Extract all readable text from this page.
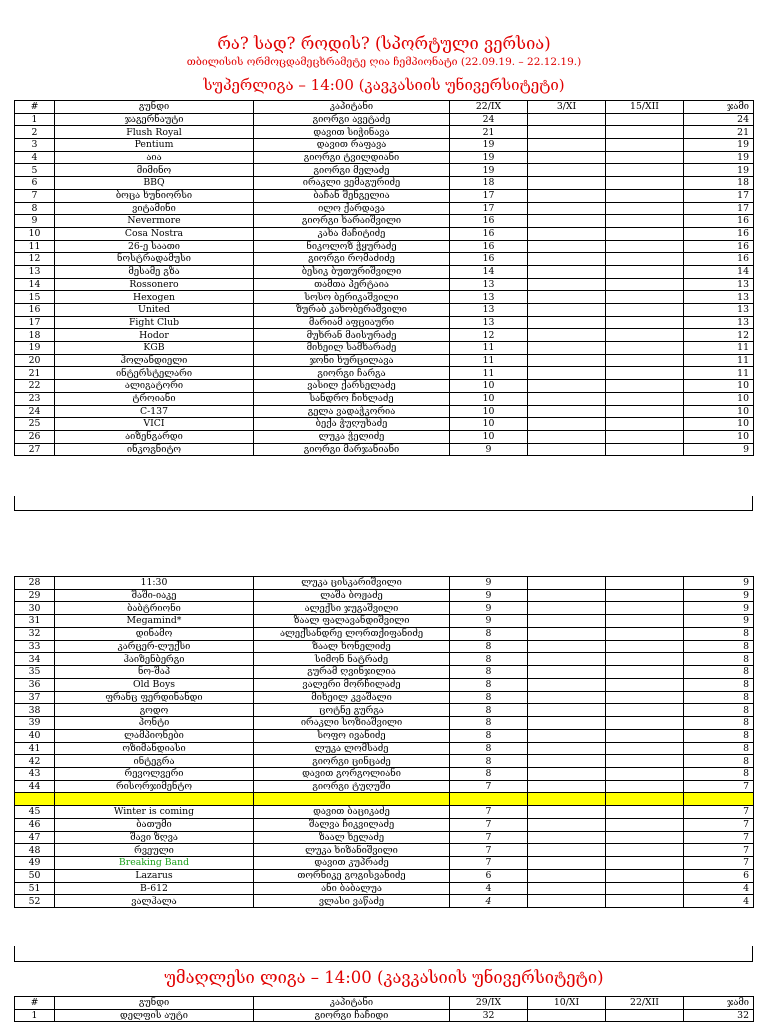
რა? სად? როდის? (სპორტული ვერსია)
თბილისის ორმოცდამეცხრამეტე ღია ჩემპიონატი (22.09.19. – 22.12.19.)
სუპერლიგა – 14:00 (კავკასიის უნივერსიტეტი)
#	გუნდი	კაპიტანი	22/IX	3/XI	15/XII	ჯამი
1	ჯაგერნაუტი	გიორგი ავეტაძე	24			24
2	Flush Royal	დავით სიჭინავა	21			21
3	Pentium	დავით რაფავა	19			19
4	აია	გიორგი ტვილდიანი	19			19
5	მიმინო	გიორგი მელაძე	19			19
6	BBQ	ირაკლი ვემაგურიძე	18			18
7	ბოცა ხუნიორსი	ბაჩან შენგელია	17			17
8	ვიტამინი	ილო ქარდავა	17			17
9	Nevermore	გიორგი ხარაიშვილი	16			16
10	Cosa Nostra	კახა მაჩიტიძე	16			16
11	26-ე საათი	ნიკოლოზ ჭყურაძე	16			16
12	ნოსტრადამუსი	გიორგი რომაძიძე	16			16
13	მესამე გზა	ბესიკ ბუთურიშვილი	14			14
14	Rossonero	თამთა პერტაია	13			13
15	Hexogen	სოსო ბერიკაშვილი	13			13
16	United	ზურაბ კახობერაშვილი	13			13
17	Fight Club	მარიამ აფციაური	13			13
18	Hodor	მუხრან მაისურაძე	12			12
19	KGB	მიხეილ სამხარაძე	11			11
20	ჰოლანდიელი	ჯონი ხურცილავა	11			11
21	ინტერსტელარი	გიორგი ჩარგა	11			11
22	ალიგატორი	ვასილ ქარსელაძე	10			10
23	ტროიანი	სანდრო ჩიხლაძე	10			10
24	C-137	გელა ვადაჭკორია	10			10
25	VICI	ბექა ჭუღუხაძე	10			10
26	აიზენგარდი	ლუკა ჭელიძე	10			10
27	ინკოგნიტო	გიორგი მარჯანიანი	9			9
28	11:30	ლუკა ცისკარიშვილი	9			9
29	შაში-იაკე	ლაშა ბოჟაძე	9			9
30	ბაბტრიონი	ალექსი ჯუგაშვილი	9			9
31	Megamind*	ზაალ ფალავანდიშვილი	9			9
32	დინამო	ალექსანდრე ლორთქიფანიძე	8			8
33	კარცერ-ლუქსი	ზაალ ხონელიძე	8			8
34	ჰაიზენბერგი	სიმონ ნატრაძე	8			8
35	ნო-შაპ	გურამ ღვინჯილია	8			8
36	Old Boys	ვალერი მორჩილაძე	8			8
37	ფრანც ფერდინანდი	მიხეილ კვაშალი	8			8
38	გოდო	ცოტნე გურგა	8			8
39	პონტი	ირაკლი სოზიაშვილი	8			8
40	ლამპიონები	სოფო ივანიძე	8			8
41	ოზიმანდიასი	ლუკა ლომსაძე	8			8
42	ინტეგრა	გიორგი ცინცაძე	8			8
43	რევოლვერი	დავით გორგოლიანი	8			8
44	რისორჯიმენტო	გიორგი ტუღუში	7			7

45	Winter is coming	დავით ბაციკაძე	7			7
46	ბათუმი	შალვა ჩიკვილაძე	7			7
47	შავი ზღვა	ზაალ ხელაძე	7			7
48	რვეული	ლუკა ხიზანიშვილი	7			7
49	Breaking Band	დავით კუპრაძე	7			7
50	Lazarus	თორნიკე გოგისვანიძე	6			6
51	B-612	ანი ბაბალუა	4			4
52	ვალჰალა	ვლასი ვაწაძე	4			4
უმაღლესი ლიგა – 14:00 (კავკასიის უნივერსიტეტი)
#	გუნდი	კაპიტანი	29/IX	10/XI	22/XII	ჯამი
1	დელფის აუტი	გიორგი ჩაჩიდი	32			32
